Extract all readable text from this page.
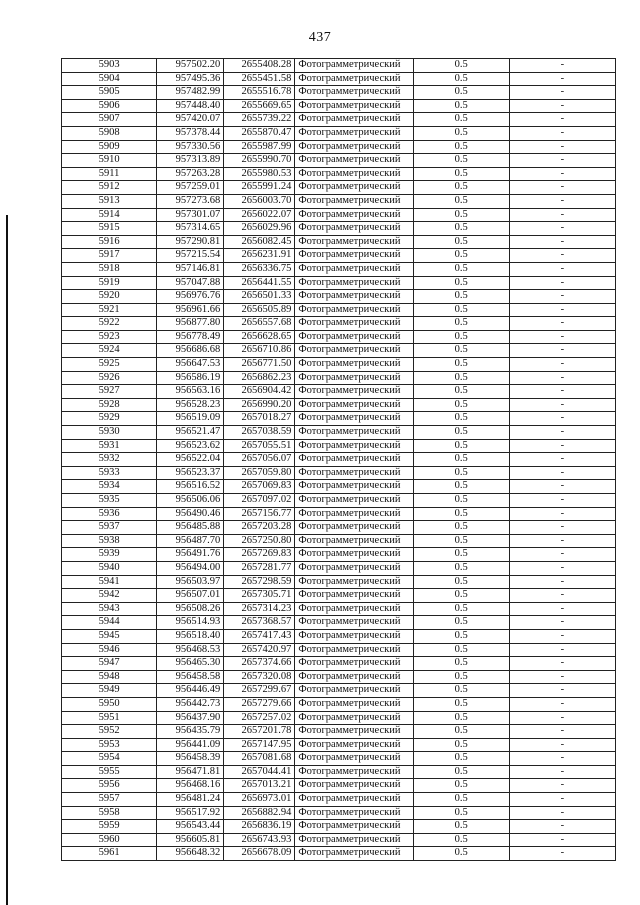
437
5903	957502.20	2655408.28	Фотограмметрический	0.5	-
5904	957495.36	2655451.58	Фотограмметрический	0.5	-
5905	957482.99	2655516.78	Фотограмметрический	0.5	-
5906	957448.40	2655669.65	Фотограмметрический	0.5	-
5907	957420.07	2655739.22	Фотограмметрический	0.5	-
5908	957378.44	2655870.47	Фотограмметрический	0.5	-
5909	957330.56	2655987.99	Фотограмметрический	0.5	-
5910	957313.89	2655990.70	Фотограмметрический	0.5	-
5911	957263.28	2655980.53	Фотограмметрический	0.5	-
5912	957259.01	2655991.24	Фотограмметрический	0.5	-
5913	957273.68	2656003.70	Фотограмметрический	0.5	-
5914	957301.07	2656022.07	Фотограмметрический	0.5	-
5915	957314.65	2656029.96	Фотограмметрический	0.5	-
5916	957290.81	2656082.45	Фотограмметрический	0.5	-
5917	957215.54	2656231.91	Фотограмметрический	0.5	-
5918	957146.81	2656336.75	Фотограмметрический	0.5	-
5919	957047.88	2656441.55	Фотограмметрический	0.5	-
5920	956976.76	2656501.33	Фотограмметрический	0.5	-
5921	956961.66	2656505.89	Фотограмметрический	0.5	-
5922	956877.80	2656557.68	Фотограмметрический	0.5	-
5923	956778.49	2656628.65	Фотограмметрический	0.5	-
5924	956686.68	2656710.86	Фотограмметрический	0.5	-
5925	956647.53	2656771.50	Фотограмметрический	0.5	-
5926	956586.19	2656862.23	Фотограмметрический	0.5	-
5927	956563.16	2656904.42	Фотограмметрический	0.5	-
5928	956528.23	2656990.20	Фотограмметрический	0.5	-
5929	956519.09	2657018.27	Фотограмметрический	0.5	-
5930	956521.47	2657038.59	Фотограмметрический	0.5	-
5931	956523.62	2657055.51	Фотограмметрический	0.5	-
5932	956522.04	2657056.07	Фотограмметрический	0.5	-
5933	956523.37	2657059.80	Фотограмметрический	0.5	-
5934	956516.52	2657069.83	Фотограмметрический	0.5	-
5935	956506.06	2657097.02	Фотограмметрический	0.5	-
5936	956490.46	2657156.77	Фотограмметрический	0.5	-
5937	956485.88	2657203.28	Фотограмметрический	0.5	-
5938	956487.70	2657250.80	Фотограмметрический	0.5	-
5939	956491.76	2657269.83	Фотограмметрический	0.5	-
5940	956494.00	2657281.77	Фотограмметрический	0.5	-
5941	956503.97	2657298.59	Фотограмметрический	0.5	-
5942	956507.01	2657305.71	Фотограмметрический	0.5	-
5943	956508.26	2657314.23	Фотограмметрический	0.5	-
5944	956514.93	2657368.57	Фотограмметрический	0.5	-
5945	956518.40	2657417.43	Фотограмметрический	0.5	-
5946	956468.53	2657420.97	Фотограмметрический	0.5	-
5947	956465.30	2657374.66	Фотограмметрический	0.5	-
5948	956458.58	2657320.08	Фотограмметрический	0.5	-
5949	956446.49	2657299.67	Фотограмметрический	0.5	-
5950	956442.73	2657279.66	Фотограмметрический	0.5	-
5951	956437.90	2657257.02	Фотограмметрический	0.5	-
5952	956435.79	2657201.78	Фотограмметрический	0.5	-
5953	956441.09	2657147.95	Фотограмметрический	0.5	-
5954	956458.39	2657081.68	Фотограмметрический	0.5	-
5955	956471.81	2657044.41	Фотограмметрический	0.5	-
5956	956468.16	2657013.21	Фотограмметрический	0.5	-
5957	956481.24	2656973.01	Фотограмметрический	0.5	-
5958	956517.92	2656882.94	Фотограмметрический	0.5	-
5959	956543.44	2656836.19	Фотограмметрический	0.5	-
5960	956605.81	2656743.93	Фотограмметрический	0.5	-
5961	956648.32	2656678.09	Фотограмметрический	0.5	-
